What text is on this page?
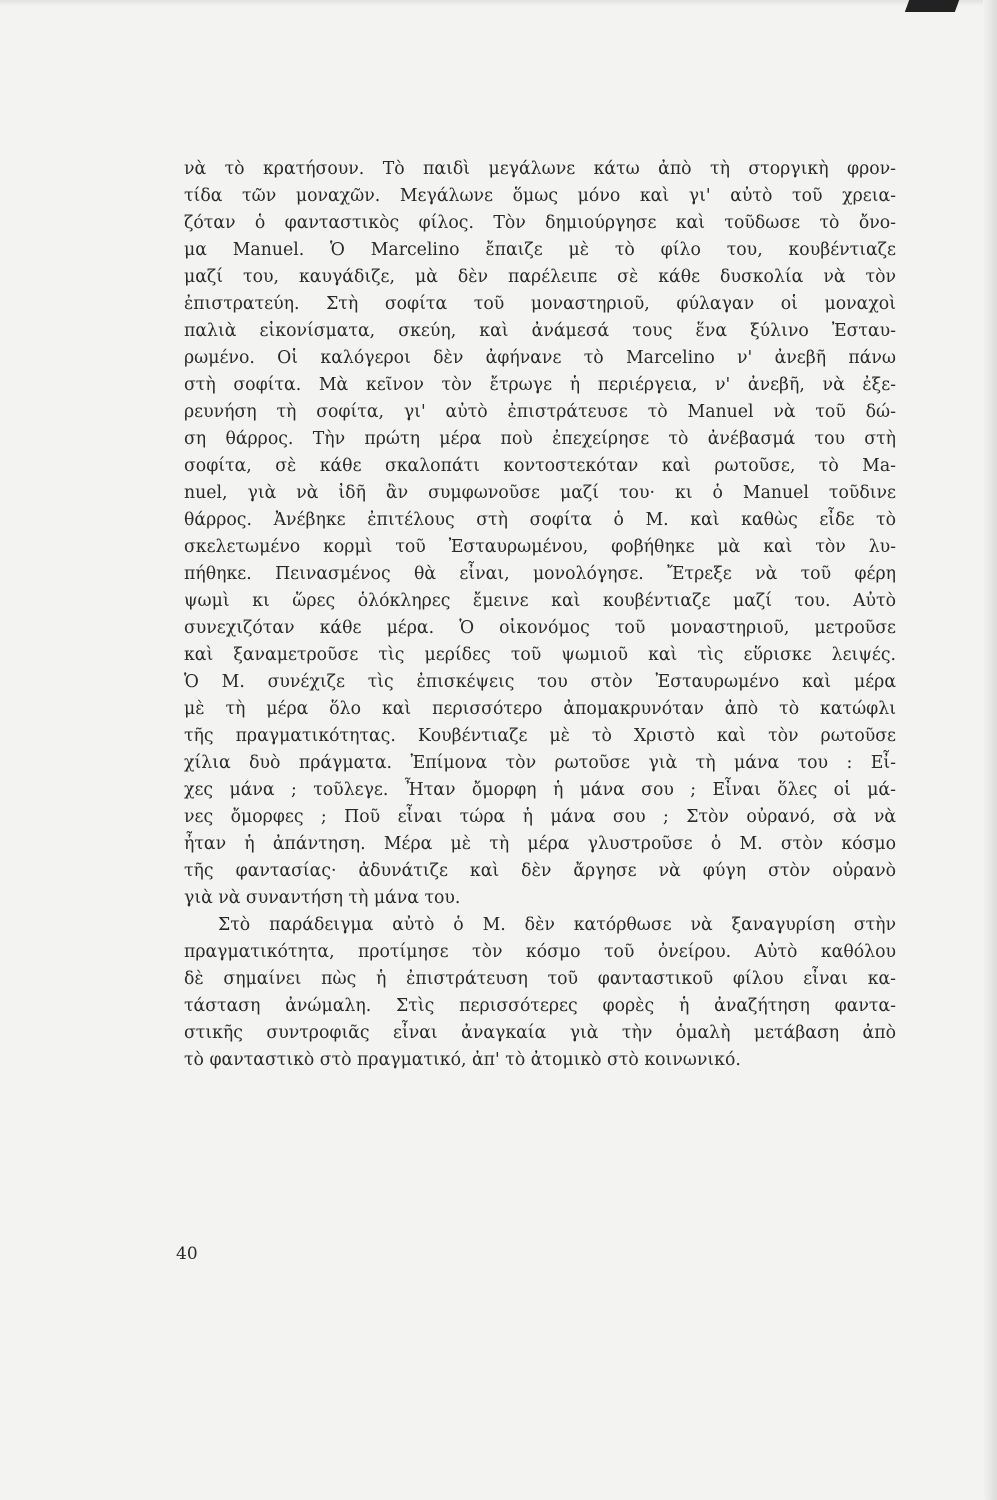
νὰ τὸ κρατήσουν. Τὸ παιδὶ μεγάλωνε κάτω ἀπὸ τὴ στοργικὴ φρον-
τίδα τῶν μοναχῶν. Μεγάλωνε ὅμως μόνο καὶ γι' αὐτὸ τοῦ χρεια-
ζόταν ὁ φανταστικὸς φίλος. Τὸν δημιούργησε καὶ τοῦδωσε τὸ ὄνο-
μα Manuel. Ὁ Marcelino ἔπαιζε μὲ τὸ φίλο του, κουβέντιαζε
μαζί του, καυγάδιζε, μὰ δὲν παρέλειπε σὲ κάθε δυσκολία νὰ τὸν
ἐπιστρατεύη. Στὴ σοφίτα τοῦ μοναστηριοῦ, φύλαγαν οἱ μοναχοὶ
παλιὰ εἰκονίσματα, σκεύη, καὶ ἀνάμεσά τους ἕνα ξύλινο Ἐσταυ-
ρωμένο. Οἱ καλόγεροι δὲν ἀφήνανε τὸ Marcelino ν' ἀνεβῆ πάνω
στὴ σοφίτα. Μὰ κεῖνον τὸν ἔτρωγε ἡ περιέργεια, ν' ἀνεβῆ, νὰ ἐξε-
ρευνήση τὴ σοφίτα, γι' αὐτὸ ἐπιστράτευσε τὸ Manuel νὰ τοῦ δώ-
ση θάρρος. Τὴν πρώτη μέρα ποὺ ἐπεχείρησε τὸ ἀνέβασμά του στὴ
σοφίτα, σὲ κάθε σκαλοπάτι κοντοστεκόταν καὶ ρωτοῦσε, τὸ Ma-
nuel, γιὰ νὰ ἰδῆ ἂν συμφωνοῦσε μαζί του· κι ὁ Manuel τοῦδινε
θάρρος. Ἀνέβηκε ἐπιτέλους στὴ σοφίτα ὁ Μ. καὶ καθὼς εἶδε τὸ
σκελετωμένο κορμὶ τοῦ Ἐσταυρωμένου, φοβήθηκε μὰ καὶ τὸν λυ-
πήθηκε. Πεινασμένος θὰ εἶναι, μονολόγησε. Ἔτρεξε νὰ τοῦ φέρη
ψωμὶ κι ὥρες ὁλόκληρες ἔμεινε καὶ κουβέντιαζε μαζί του. Αὐτὸ
συνεχιζόταν κάθε μέρα. Ὁ οἰκονόμος τοῦ μοναστηριοῦ, μετροῦσε
καὶ ξαναμετροῦσε τὶς μερίδες τοῦ ψωμιοῦ καὶ τὶς εὕρισκε λειψές.
Ὁ Μ. συνέχιζε τὶς ἐπισκέψεις του στὸν Ἐσταυρωμένο καὶ μέρα
μὲ τὴ μέρα ὅλο καὶ περισσότερο ἀπομακρυνόταν ἀπὸ τὸ κατώφλι
τῆς πραγματικότητας. Κουβέντιαζε μὲ τὸ Χριστὸ καὶ τὸν ρωτοῦσε
χίλια δυὸ πράγματα. Ἐπίμονα τὸν ρωτοῦσε γιὰ τὴ μάνα του : Εἶ-
χες μάνα ; τοῦλεγε. Ἦταν ὄμορφη ἡ μάνα σου ; Εἶναι ὅλες οἱ μά-
νες ὄμορφες ; Ποῦ εἶναι τώρα ἡ μάνα σου ; Στὸν οὐρανό, σὰ νὰ
ἦταν ἡ ἀπάντηση. Μέρα μὲ τὴ μέρα γλυστροῦσε ὁ Μ. στὸν κόσμο
τῆς φαντασίας· ἀδυνάτιζε καὶ δὲν ἄργησε νὰ φύγη στὸν οὐρανὸ
γιὰ νὰ συναντήση τὴ μάνα του.
Στὸ παράδειγμα αὐτὸ ὁ Μ. δὲν κατόρθωσε νὰ ξαναγυρίση στὴν
πραγματικότητα, προτίμησε τὸν κόσμο τοῦ ὀνείρου. Αὐτὸ καθόλου
δὲ σημαίνει πὼς ἡ ἐπιστράτευση τοῦ φανταστικοῦ φίλου εἶναι κα-
τάσταση ἀνώμαλη. Στὶς περισσότερες φορὲς ἡ ἀναζήτηση φαντα-
στικῆς συντροφιᾶς εἶναι ἀναγκαία γιὰ τὴν ὁμαλὴ μετάβαση ἀπὸ
τὸ φανταστικὸ στὸ πραγματικό, ἀπ' τὸ ἀτομικὸ στὸ κοινωνικό.
40
